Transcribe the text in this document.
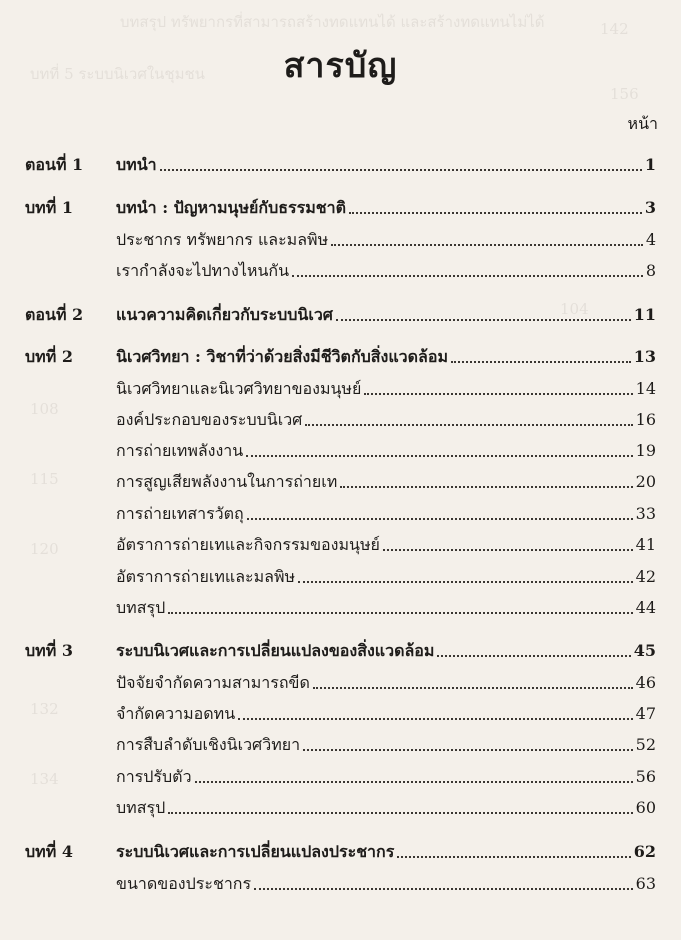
บทสรุป ทรัพยากรที่สามารถสร้างทดแทนได้ และสร้างทดแทนไม่ได้	142
บทที่ 5 ระบบนิเวศในชุมชน
156
104
108
115
120
132
134
สารบัญ
หน้า
ตอนที่ 1	บทนำ	1
บทที่ 1	บทนำ : ปัญหามนุษย์กับธรรมชาติ	3
ประชากร ทรัพยากร และมลพิษ	4
เรากำลังจะไปทางไหนกัน	8
ตอนที่ 2	แนวความคิดเกี่ยวกับระบบนิเวศ	11
บทที่ 2	นิเวศวิทยา : วิชาที่ว่าด้วยสิ่งมีชีวิตกับสิ่งแวดล้อม	13
นิเวศวิทยาและนิเวศวิทยาของมนุษย์	14
องค์ประกอบของระบบนิเวศ	16
การถ่ายเทพลังงาน	19
การสูญเสียพลังงานในการถ่ายเท	20
การถ่ายเทสารวัตถุ	33
อัตราการถ่ายเทและกิจกรรมของมนุษย์	41
อัตราการถ่ายเทและมลพิษ	42
บทสรุป	44
บทที่ 3	ระบบนิเวศและการเปลี่ยนแปลงของสิ่งแวดล้อม	45
ปัจจัยจำกัดความสามารถขีด	46
จำกัดความอดทน	47
การสืบลำดับเชิงนิเวศวิทยา	52
การปรับตัว	56
บทสรุป	60
บทที่ 4	ระบบนิเวศและการเปลี่ยนแปลงประชากร	62
ขนาดของประชากร	63
